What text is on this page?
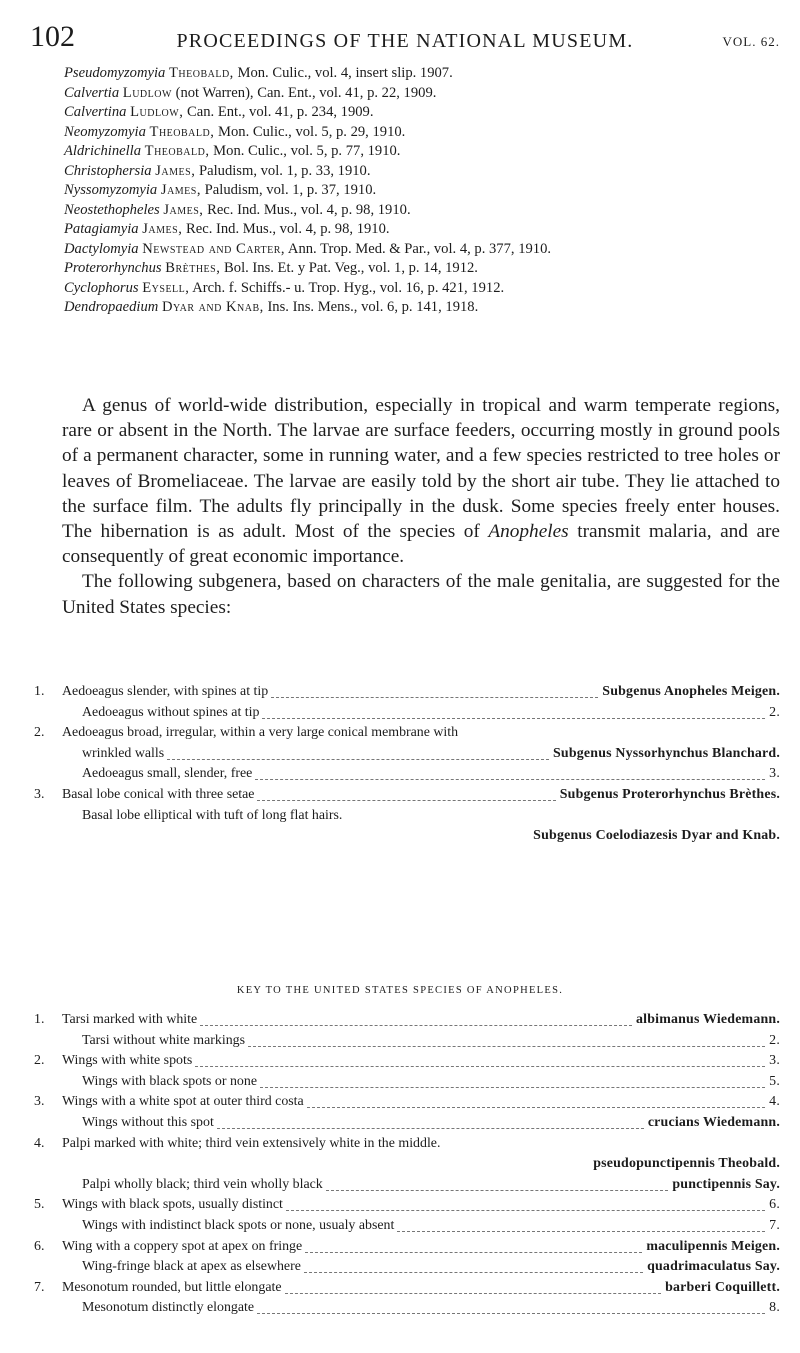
102	PROCEEDINGS OF THE NATIONAL MUSEUM.	VOL. 62.
Pseudomyzomyia Theobald, Mon. Culic., vol. 4, insert slip. 1907.
Calvertia Ludlow (not Warren), Can. Ent., vol. 41, p. 22, 1909.
Calvertina Ludlow, Can. Ent., vol. 41, p. 234, 1909.
Neomyzomyia Theobald, Mon. Culic., vol. 5, p. 29, 1910.
Aldrichinella Theobald, Mon. Culic., vol. 5, p. 77, 1910.
Christophersia James, Paludism, vol. 1, p. 33, 1910.
Nyssomyzomyia James, Paludism, vol. 1, p. 37, 1910.
Neostethopheles James, Rec. Ind. Mus., vol. 4, p. 98, 1910.
Patagiamyia James, Rec. Ind. Mus., vol. 4, p. 98, 1910.
Dactylomyia Newstead and Carter, Ann. Trop. Med. & Par., vol. 4, p. 377, 1910.
Proterorhynchus Brèthes, Bol. Ins. Et. y Pat. Veg., vol. 1, p. 14, 1912.
Cyclophorus Eysell, Arch. f. Schiffs.- u. Trop. Hyg., vol. 16, p. 421, 1912.
Dendropaedium Dyar and Knab, Ins. Ins. Mens., vol. 6, p. 141, 1918.

A genus of world-wide distribution, especially in tropical and warm temperate regions, rare or absent in the North. The larvae are surface feeders, occurring mostly in ground pools of a permanent character, some in running water, and a few species restricted to tree holes or leaves of Bromeliaceae. The larvae are easily told by the short air tube. They lie attached to the surface film. The adults fly principally in the dusk. Some species freely enter houses. The hibernation is as adult. Most of the species of Anopheles transmit malaria, and are consequently of great economic importance.

The following subgenera, based on characters of the male genitalia, are suggested for the United States species:

1.	Aedoeagus slender, with spines at tip	Subgenus Anopheles Meigen.
Aedoeagus without spines at tip	2.
2.	Aedoeagus broad, irregular, within a very large conical membrane with
wrinkled walls	Subgenus Nyssorhynchus Blanchard.
Aedoeagus small, slender, free	3.
3.	Basal lobe conical with three setae	Subgenus Proterorhynchus Brèthes.
Basal lobe elliptical with tuft of long flat hairs.
Subgenus Coelodiazesis Dyar and Knab.
KEY TO THE UNITED STATES SPECIES OF ANOPHELES.
1.	Tarsi marked with white	albimanus Wiedemann.
Tarsi without white markings	2.
2.	Wings with white spots	3.
Wings with black spots or none	5.
3.	Wings with a white spot at outer third costa	4.
Wings without this spot	crucians Wiedemann.
4.	Palpi marked with white; third vein extensively white in the middle.
pseudopunctipennis Theobald.
Palpi wholly black; third vein wholly black	punctipennis Say.
5.	Wings with black spots, usually distinct	6.
Wings with indistinct black spots or none, usualy absent	7.
6.	Wing with a coppery spot at apex on fringe	maculipennis Meigen.
Wing-fringe black at apex as elsewhere	quadrimaculatus Say.
7.	Mesonotum rounded, but little elongate	barberi Coquillett.
Mesonotum distinctly elongate	8.
